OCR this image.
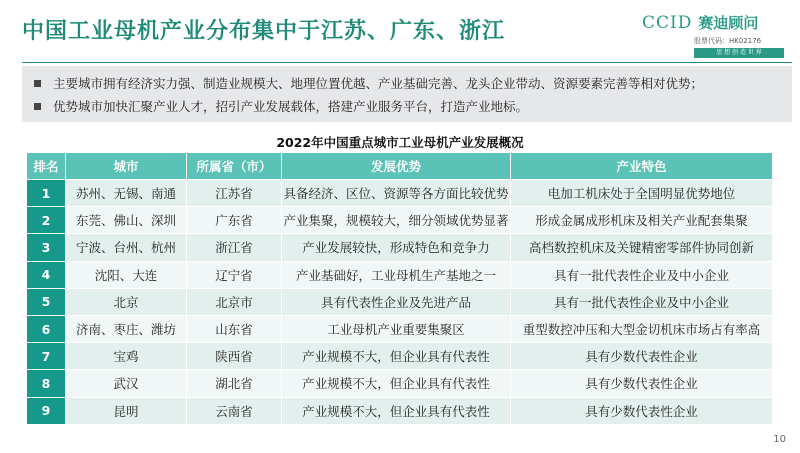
中国工业母机产业分布集中于江苏、广东、浙江	CCID 赛迪顾问
股票代码：HK02176
思 想 创 造 世 界
主要城市拥有经济实力强、制造业规模大、地理位置优越、产业基础完善、龙头企业带动、资源要素完善等相对优势；
优势城市加快汇聚产业人才，招引产业发展载体，搭建产业服务平台，打造产业地标。
2022年中国重点城市工业母机产业发展概况
排名	城市	所属省（市）	发展优势	产业特色
1	苏州、无锡、南通	江苏省	具备经济、区位、资源等各方面比较优势	电加工机床处于全国明显优势地位
2	东莞、佛山、深圳	广东省	产业集聚，规模较大，细分领域优势显著	形成金属成形机床及相关产业配套集聚
3	宁波、台州、杭州	浙江省	产业发展较快，形成特色和竞争力	高档数控机床及关键精密零部件协同创新
4	沈阳、大连	辽宁省	产业基础好，工业母机生产基地之一	具有一批代表性企业及中小企业
5	北京	北京市	具有代表性企业及先进产品	具有一批代表性企业及中小企业
6	济南、枣庄、潍坊	山东省	工业母机产业重要集聚区	重型数控冲压和大型金切机床市场占有率高
7	宝鸡	陕西省	产业规模不大，但企业具有代表性	具有少数代表性企业
8	武汉	湖北省	产业规模不大，但企业具有代表性	具有少数代表性企业
9	昆明	云南省	产业规模不大，但企业具有代表性	具有少数代表性企业
10
